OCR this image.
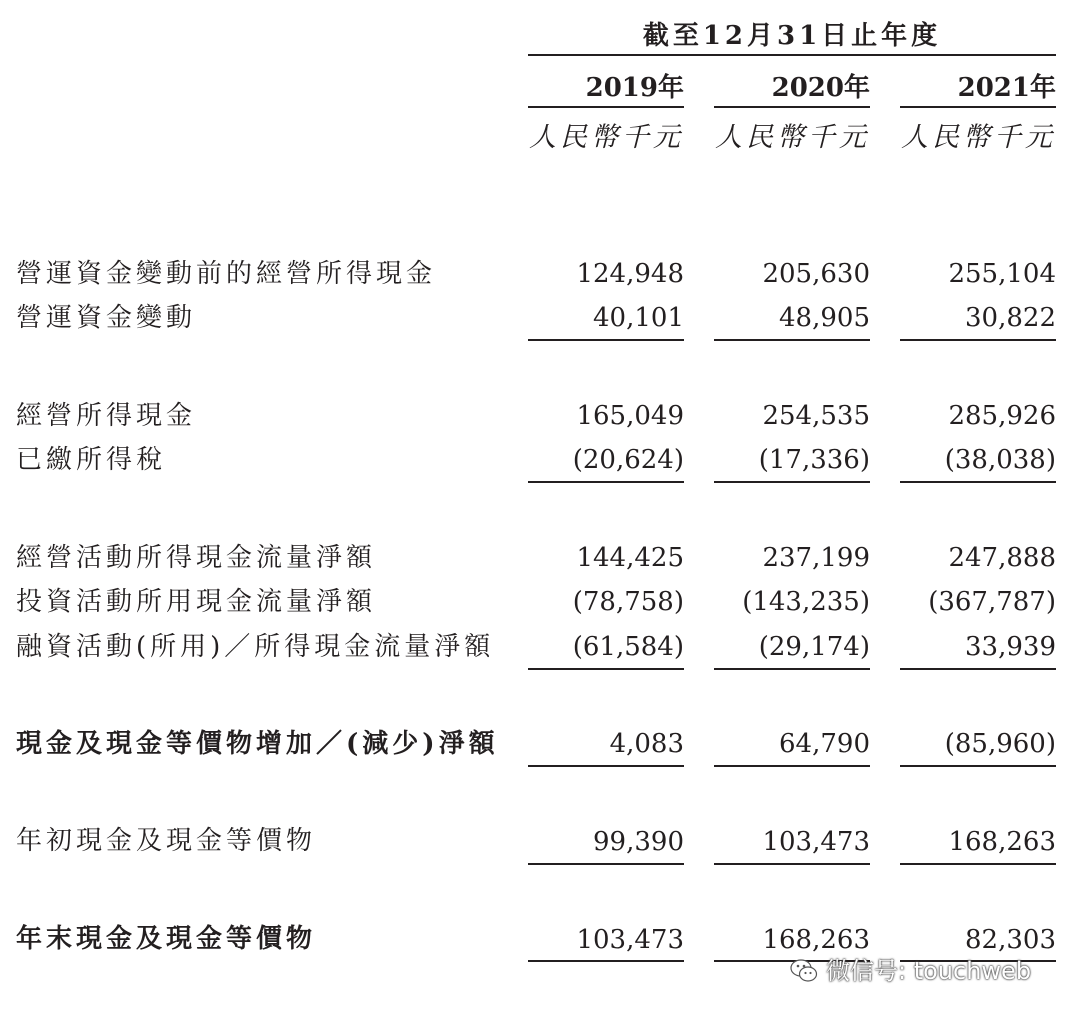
截至12月31日止年度
2019年	2020年	2021年
人民幣千元 人民幣千元 人民幣千元
營運資金變動前的經營所得現金	124,948	205,630	255,104
營運資金變動	40,101	48,905	30,822
經營所得現金	165,049	254,535	285,926
已繳所得稅	(20,624)	(17,336)	(38,038)
經營活動所得現金流量淨額	144,425	237,199	247,888
投資活動所用現金流量淨額	(78,758)	(143,235)	(367,787)
融資活動(所用)／所得現金流量淨額	(61,584)	(29,174)	33,939
現金及現金等價物增加／(減少)淨額	4,083	64,790	(85,960)
年初現金及現金等價物	99,390	103,473	168,263
年末現金及現金等價物	103,473	168,263	82,303
微信号: touchweb
